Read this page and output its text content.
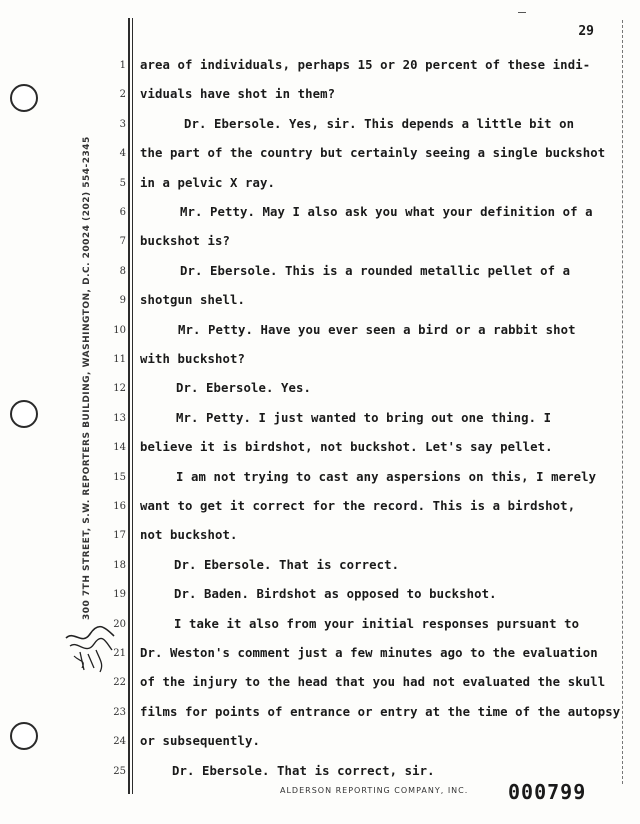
300 7TH STREET, S.W. REPORTERS BUILDING, WASHINGTON, D.C. 20024 (202) 554-2345
29
1
2
3
4
5
6
7
8
9
10
11
12
13
14
15
16
17
18
19
20
21
22
23
24
25
area of individuals, perhaps 15 or 20 percent of these indi-
viduals have shot in them?
Dr. Ebersole. Yes, sir. This depends a little bit on
the part of the country but certainly seeing a single buckshot
in a pelvic X ray.
Mr. Petty. May I also ask you what your definition of a
buckshot is?
Dr. Ebersole. This is a rounded metallic pellet of a
shotgun shell.
Mr. Petty. Have you ever seen a bird or a rabbit shot
with buckshot?
Dr. Ebersole. Yes.
Mr. Petty. I just wanted to bring out one thing. I
believe it is birdshot, not buckshot. Let's say pellet.
I am not trying to cast any aspersions on this, I merely
want to get it correct for the record. This is a birdshot,
not buckshot.
Dr. Ebersole. That is correct.
Dr. Baden. Birdshot as opposed to buckshot.
I take it also from your initial responses pursuant to
Dr. Weston's comment just a few minutes ago to the evaluation
of the injury to the head that you had not evaluated the skull
films for points of entrance or entry at the time of the autopsy
or subsequently.
Dr. Ebersole. That is correct, sir.
ALDERSON REPORTING COMPANY, INC. 000799
